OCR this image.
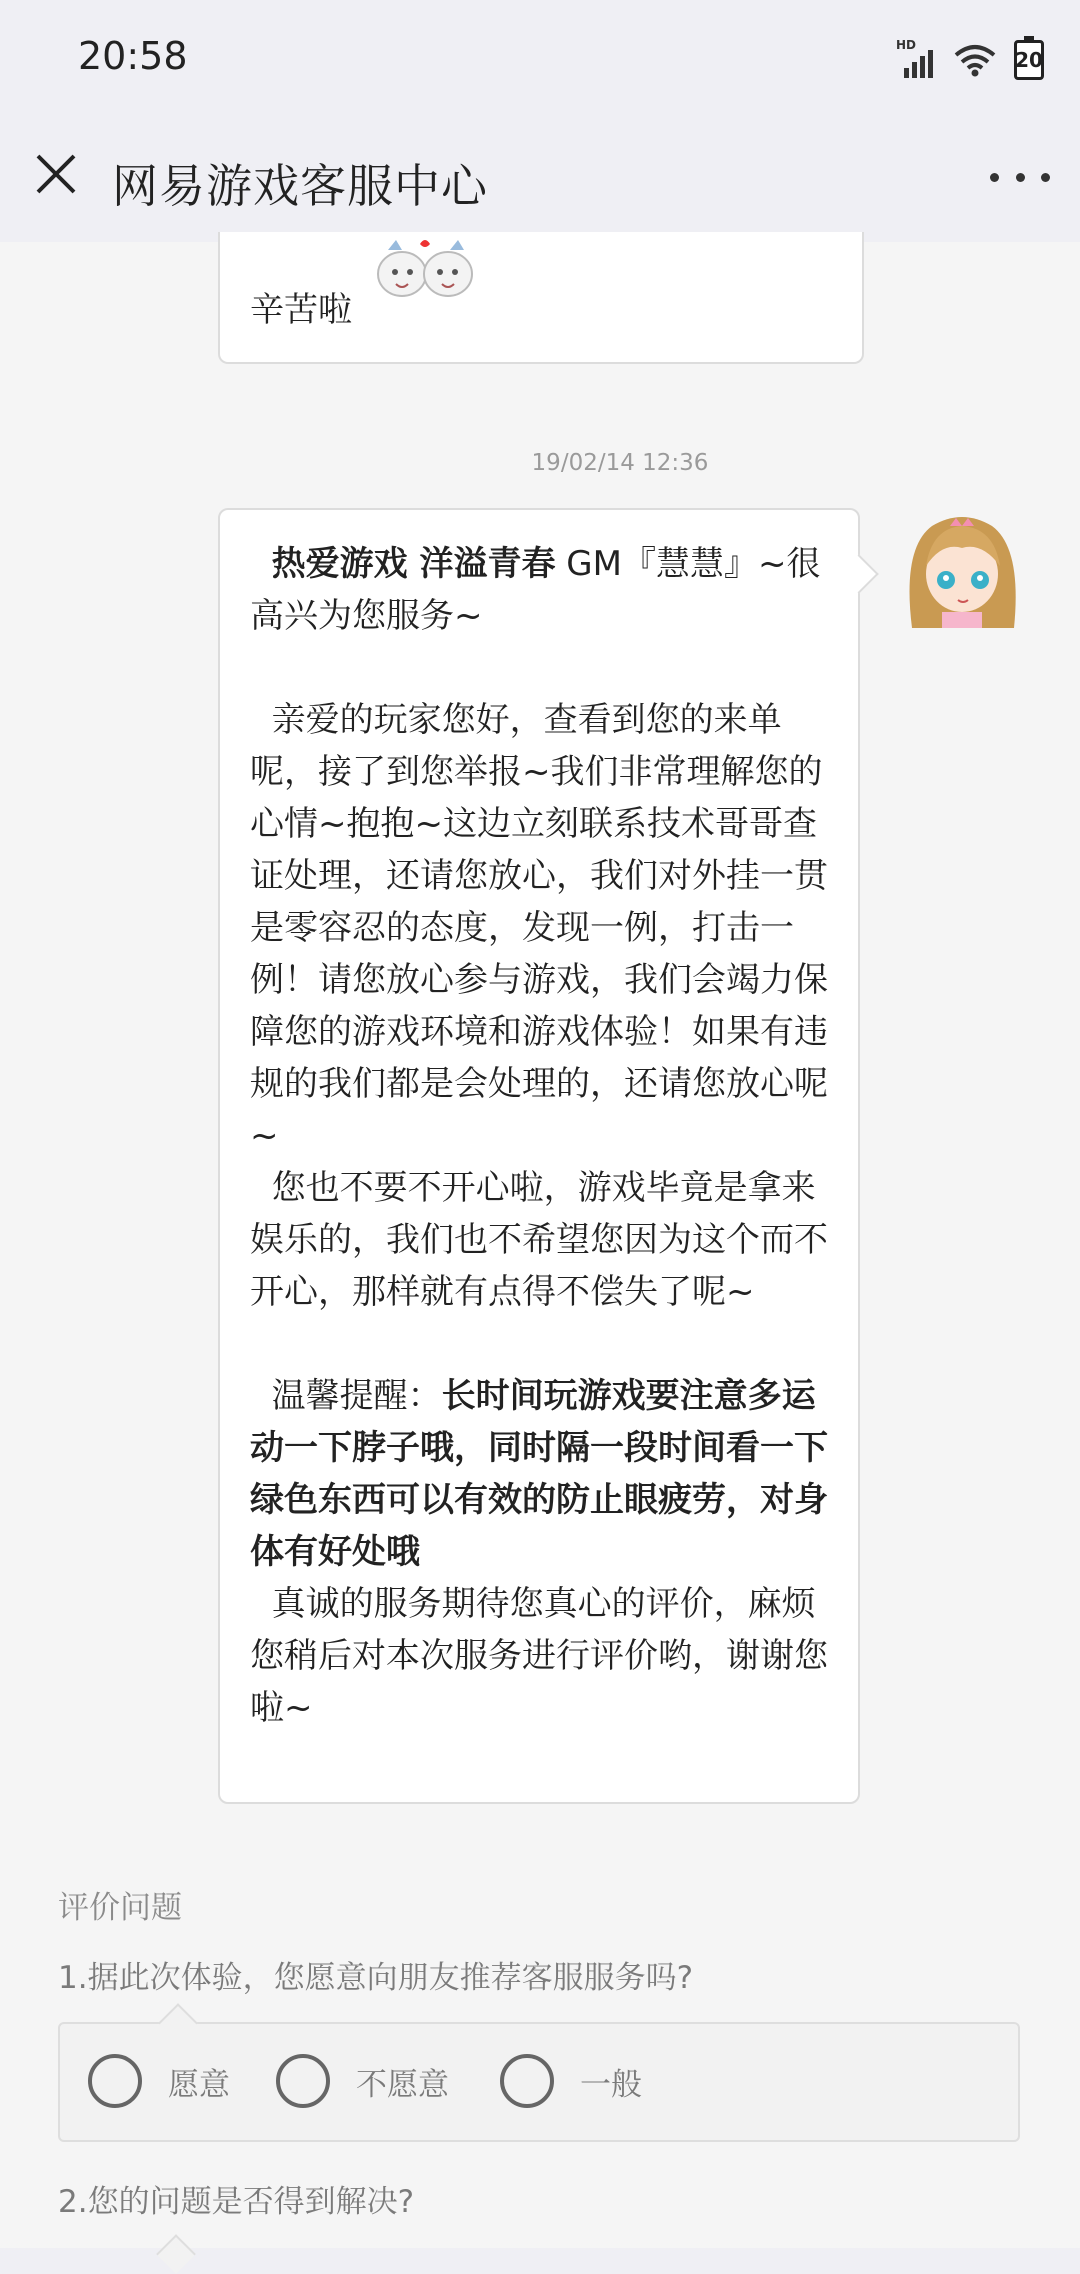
20:58	HD
20
网易游戏客服中心
辛苦啦
19/02/14 12:36
热爱游戏 洋溢青春 GM『慧慧』~很高兴为您服务~

亲爱的玩家您好，查看到您的来单呢，接了到您举报~我们非常理解您的心情~抱抱~这边立刻联系技术哥哥查证处理，还请您放心，我们对外挂一贯是零容忍的态度，发现一例，打击一例！请您放心参与游戏，我们会竭力保障您的游戏环境和游戏体验！如果有违规的我们都是会处理的，还请您放心呢~
您也不要不开心啦，游戏毕竟是拿来娱乐的，我们也不希望您因为这个而不开心，那样就有点得不偿失了呢~

温馨提醒：长时间玩游戏要注意多运动一下脖子哦，同时隔一段时间看一下绿色东西可以有效的防止眼疲劳，对身体有好处哦
真诚的服务期待您真心的评价，麻烦您稍后对本次服务进行评价哟，谢谢您啦~
评价问题
1.据此次体验，您愿意向朋友推荐客服服务吗?
愿意	不愿意	一般
2.您的问题是否得到解决?
